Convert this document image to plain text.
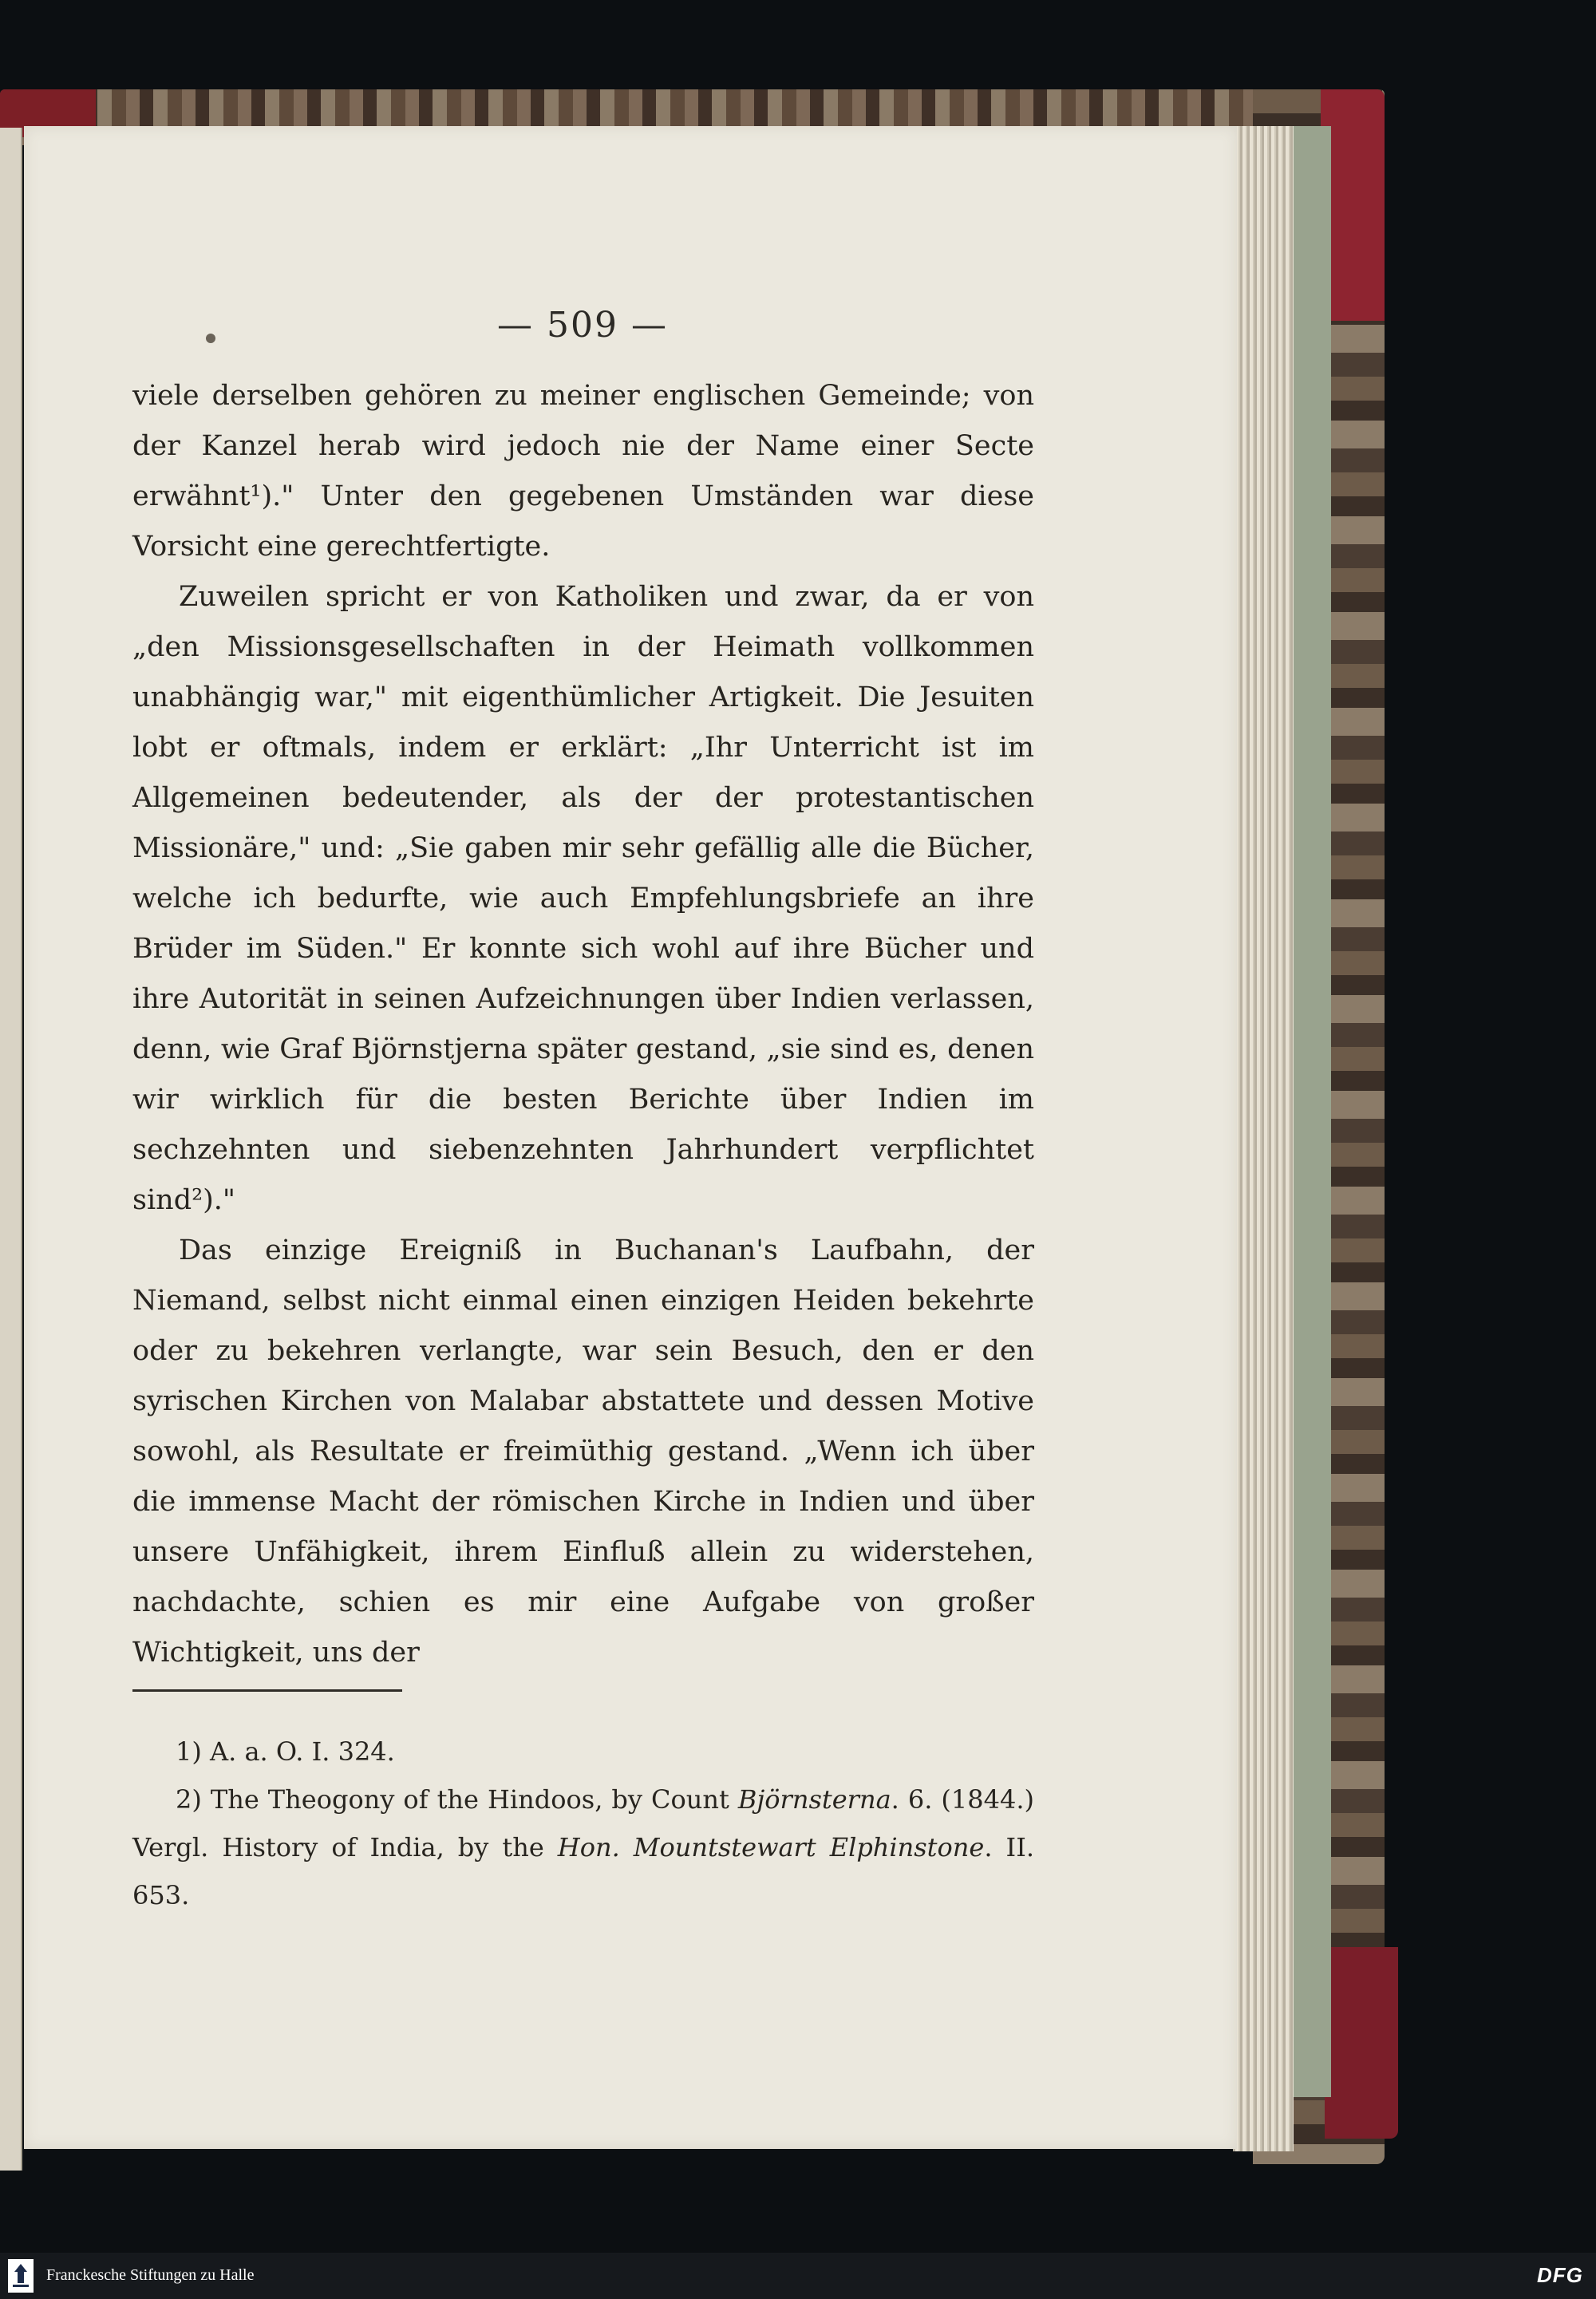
— 509 —

viele derselben gehören zu meiner englischen Gemeinde; von der Kanzel herab wird jedoch nie der Name einer Secte erwähnt¹)." Unter den gegebenen Umständen war diese Vorsicht eine gerechtfertigte.

Zuweilen spricht er von Katholiken und zwar, da er von „den Missionsgesellschaften in der Heimath vollkommen unabhängig war," mit eigenthümlicher Artigkeit. Die Jesuiten lobt er oftmals, indem er erklärt: „Ihr Unterricht ist im Allgemeinen bedeutender, als der der protestantischen Missionäre," und: „Sie gaben mir sehr gefällig alle die Bücher, welche ich bedurfte, wie auch Empfehlungsbriefe an ihre Brüder im Süden." Er konnte sich wohl auf ihre Bücher und ihre Autorität in seinen Aufzeichnungen über Indien verlassen, denn, wie Graf Björnstjerna später gestand, „sie sind es, denen wir wirklich für die besten Berichte über Indien im sechzehnten und siebenzehnten Jahrhundert verpflichtet sind²)."

Das einzige Ereigniß in Buchanan's Laufbahn, der Niemand, selbst nicht einmal einen einzigen Heiden bekehrte oder zu bekehren verlangte, war sein Besuch, den er den syrischen Kirchen von Malabar abstattete und dessen Motive sowohl, als Resultate er freimüthig gestand. „Wenn ich über die immense Macht der römischen Kirche in Indien und über unsere Unfähigkeit, ihrem Einfluß allein zu widerstehen, nachdachte, schien es mir eine Aufgabe von großer Wichtigkeit, uns der

1) A. a. O. I. 324.

2) The Theogony of the Hindoos, by Count Björnsterna. 6. (1844.) Vergl. History of India, by the Hon. Mountstewart Elphinstone. II. 653.

Franckesche Stiftungen zu Halle	DFG
